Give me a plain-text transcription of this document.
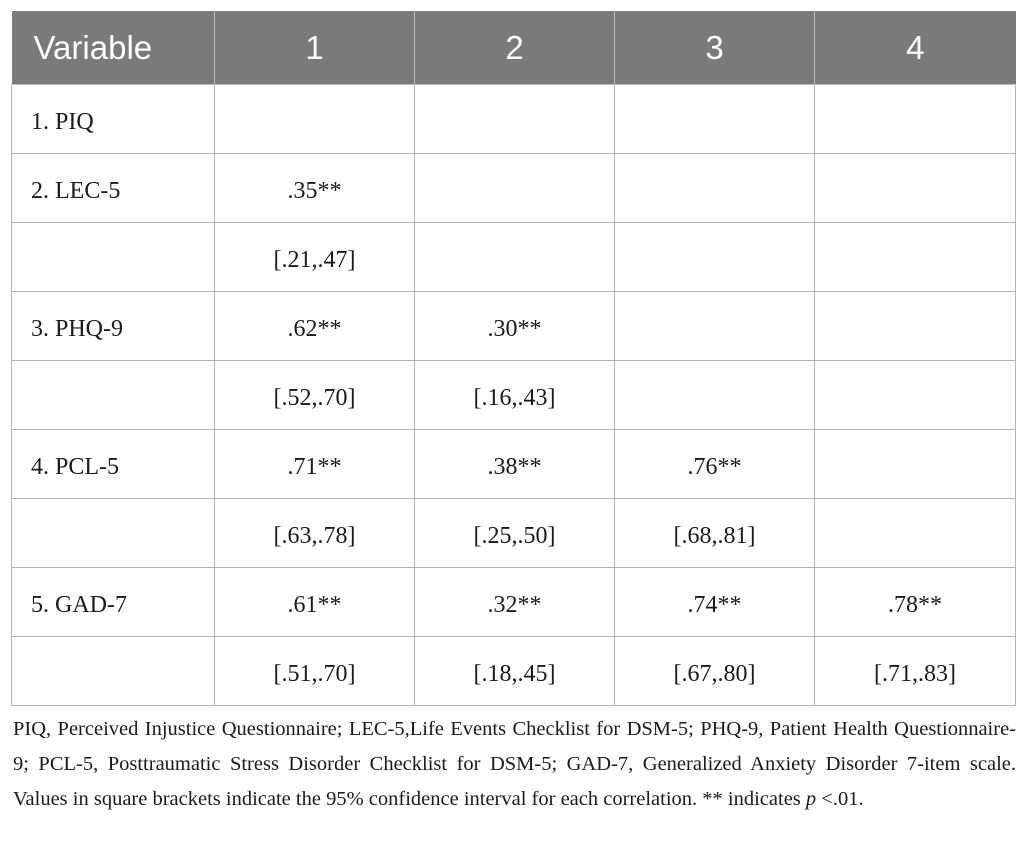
Variable	1	2	3	4
1. PIQ				
2. LEC-5	.35**			
	[.21,.47]			
3. PHQ-9	.62**	.30**		
	[.52,.70]	[.16,.43]		
4. PCL-5	.71**	.38**	.76**	
	[.63,.78]	[.25,.50]	[.68,.81]	
5. GAD-7	.61**	.32**	.74**	.78**
	[.51,.70]	[.18,.45]	[.67,.80]	[.71,.83]
PIQ, Perceived Injustice Questionnaire; LEC-5,Life Events Checklist for DSM-5; PHQ-9, Patient Health Questionnaire-9; PCL-5, Posttraumatic Stress Disorder Checklist for DSM-5; GAD-7, Generalized Anxiety Disorder 7-item scale. Values in square brackets indicate the 95% confidence interval for each correlation. ** indicates p <.01.
